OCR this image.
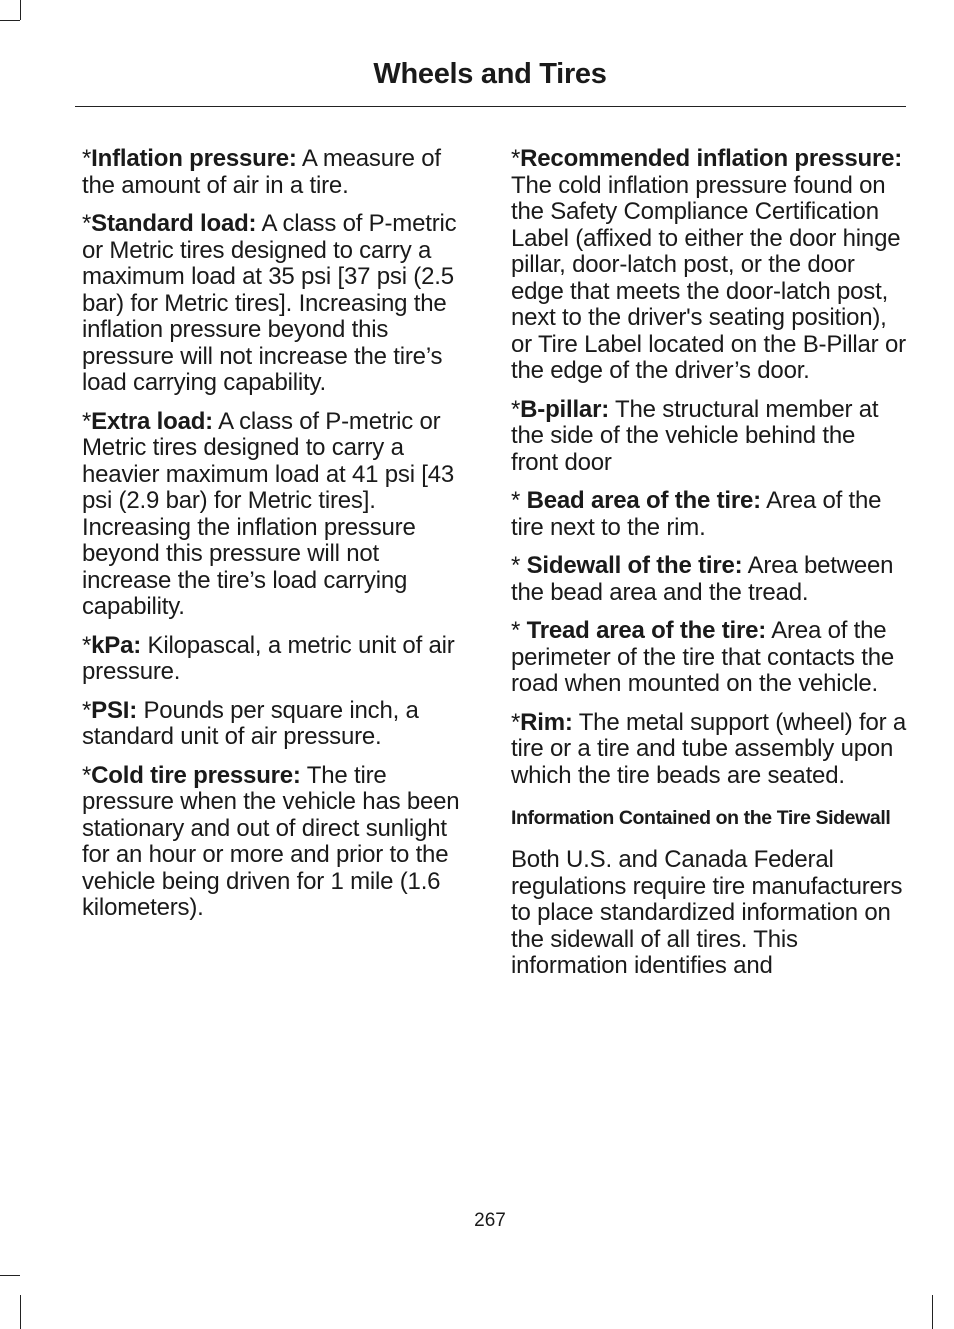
Wheels and Tires

*Inflation pressure: A measure of the amount of air in a tire.

*Standard load: A class of P-metric or Metric tires designed to carry a maximum load at 35 psi [37 psi (2.5 bar) for Metric tires]. Increasing the inflation pressure beyond this pressure will not increase the tire’s load carrying capability.

*Extra load: A class of P-metric or Metric tires designed to carry a heavier maximum load at 41 psi [43 psi (2.9 bar) for Metric tires]. Increasing the inflation pressure beyond this pressure will not increase the tire’s load carrying capability.

*kPa: Kilopascal, a metric unit of air pressure.

*PSI: Pounds per square inch, a standard unit of air pressure.

*Cold tire pressure: The tire pressure when the vehicle has been stationary and out of direct sunlight for an hour or more and prior to the vehicle being driven for 1 mile (1.6 kilometers).

*Recommended inflation pressure: The cold inflation pressure found on the Safety Compliance Certification Label (affixed to either the door hinge pillar, door-latch post, or the door edge that meets the door-latch post, next to the driver's seating position), or Tire Label located on the B-Pillar or the edge of the driver’s door.

*B-pillar: The structural member at the side of the vehicle behind the front door

* Bead area of the tire: Area of the tire next to the rim.

* Sidewall of the tire: Area between the bead area and the tread.

* Tread area of the tire: Area of the perimeter of the tire that contacts the road when mounted on the vehicle.

*Rim: The metal support (wheel) for a tire or a tire and tube assembly upon which the tire beads are seated.

Information Contained on the Tire Sidewall

Both U.S. and Canada Federal regulations require tire manufacturers to place standardized information on the sidewall of all tires. This information identifies and

267
